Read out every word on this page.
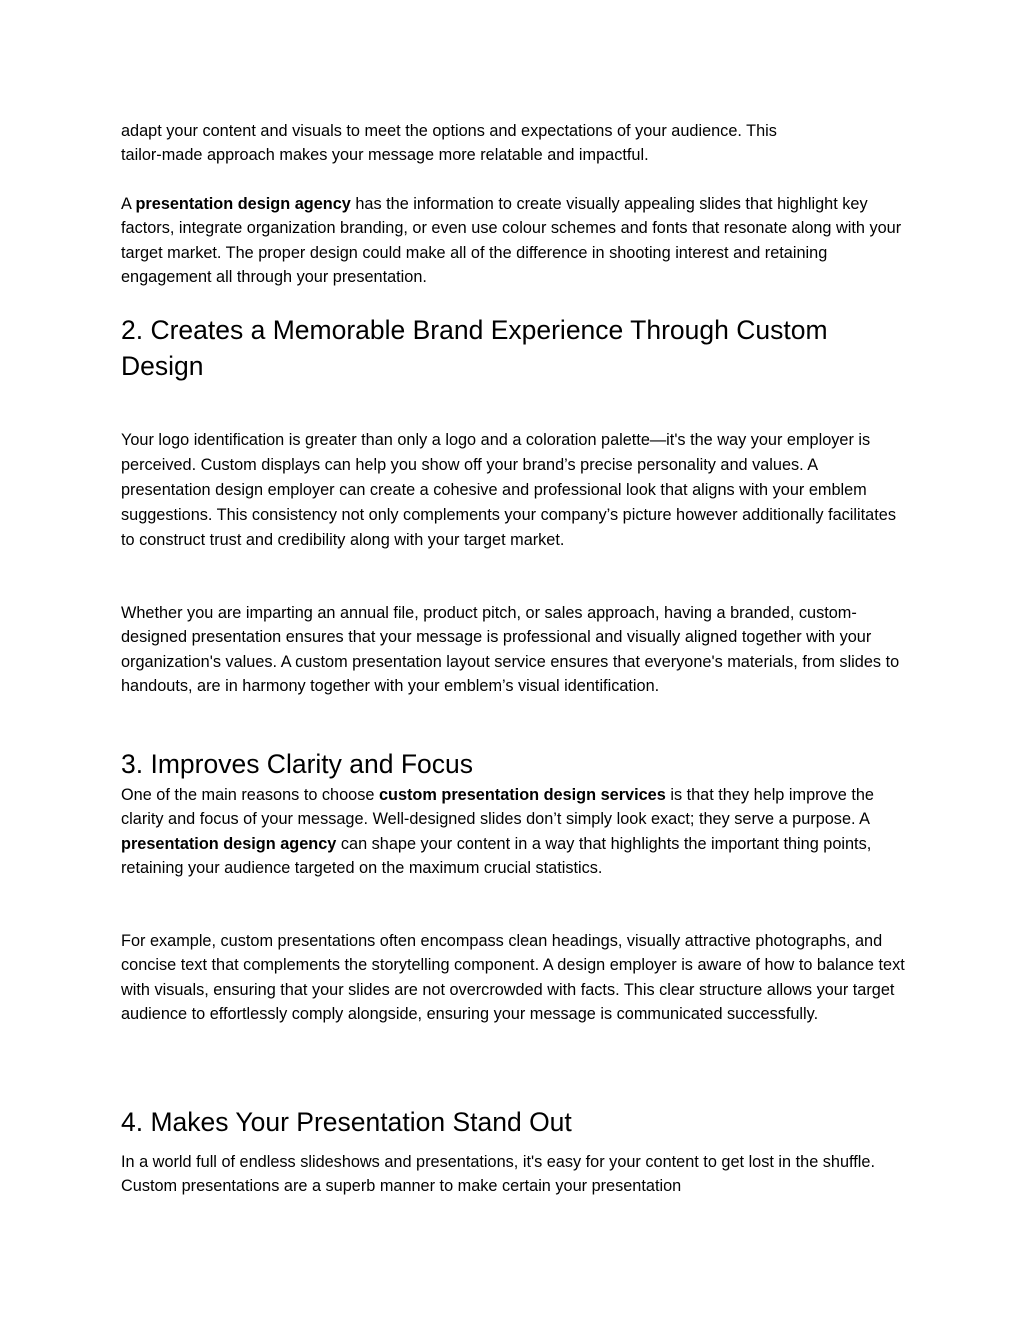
adapt your content and visuals to meet the options and expectations of your audience. This
tailor-made approach makes your message more relatable and impactful.

A presentation design agency has the information to create visually appealing slides that highlight key factors, integrate organization branding, or even use colour schemes and fonts that resonate along with your target market. The proper design could make all of the difference in shooting interest and retaining engagement all through your presentation.

2. Creates a Memorable Brand Experience Through Custom Design

Your logo identification is greater than only a logo and a coloration palette—it's the way your employer is perceived. Custom displays can help you show off your brand’s precise personality and values. A presentation design employer can create a cohesive and professional look that aligns with your emblem suggestions. This consistency not only complements your company’s picture however additionally facilitates to construct trust and credibility along with your target market.

Whether you are imparting an annual file, product pitch, or sales approach, having a branded, custom-designed presentation ensures that your message is professional and visually aligned together with your organization's values. A custom presentation layout service ensures that everyone's materials, from slides to handouts, are in harmony together with your emblem’s visual identification.

3. Improves Clarity and Focus

One of the main reasons to choose custom presentation design services is that they help improve the clarity and focus of your message. Well-designed slides don’t simply look exact; they serve a purpose. A presentation design agency can shape your content in a way that highlights the important thing points, retaining your audience targeted on the maximum crucial statistics.

For example, custom presentations often encompass clean headings, visually attractive photographs, and concise text that complements the storytelling component. A design employer is aware of how to balance text with visuals, ensuring that your slides are not overcrowded with facts. This clear structure allows your target audience to effortlessly comply alongside, ensuring your message is communicated successfully.

4. Makes Your Presentation Stand Out

In a world full of endless slideshows and presentations, it's easy for your content to get lost in the shuffle. Custom presentations are a superb manner to make certain your presentation
